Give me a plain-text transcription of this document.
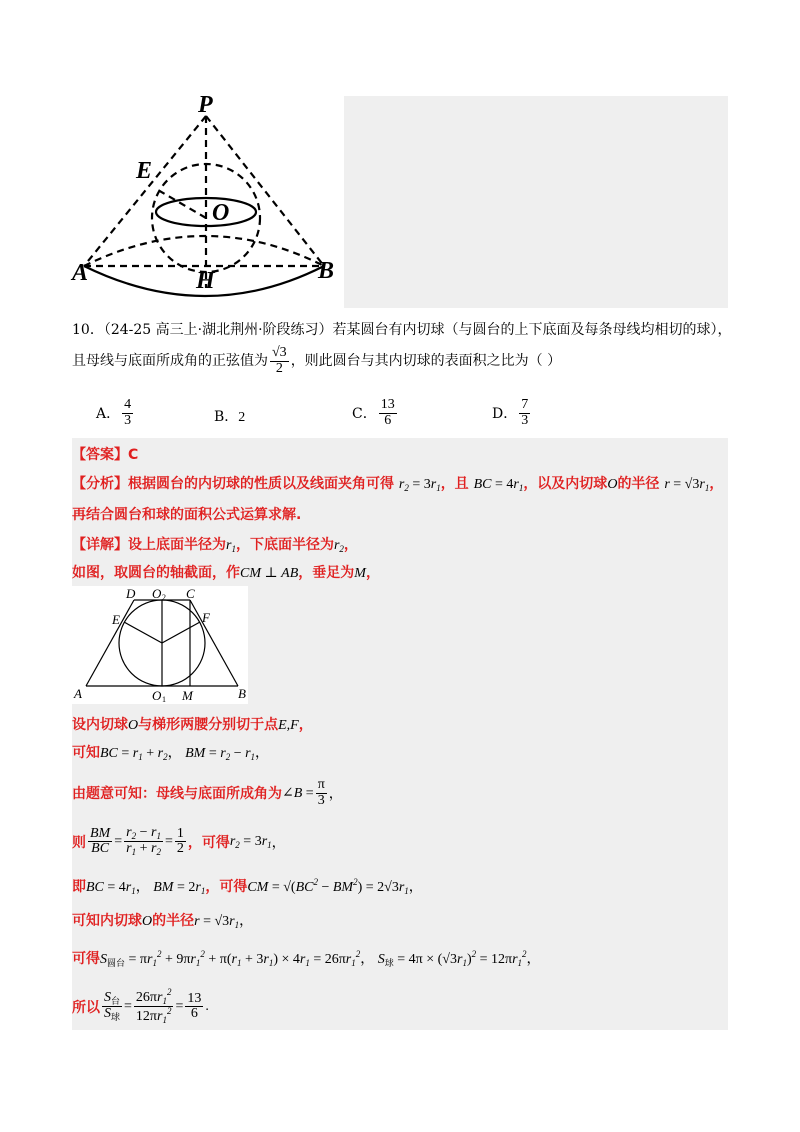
P
E
O
A	H	B
10．（24-25 高三上·湖北荆州·阶段练习）若某圆台有内切球（与圆台的上下底面及每条母线均相切的球），
且母线与底面所成角的正弦值为 $\frac{√3}{2}$ ，则此圆台与其内切球的表面积之比为（ ）
A． $\frac{4}{3}$	B．2	C． $\frac{13}{6}$	D． $\frac{7}{3}$
【答案】C
【分析】根据圆台的内切球的性质以及线面夹角可得 $r_2 = 3r_1$，且 BC = $4r_1$，以及内切球O的半径 $r = √3r_1$，
再结合圆台和球的面积公式运算求解.
【详解】设上底面半径为$r_1$，下底面半径为$r_2$，
如图，取圆台的轴截面，作CM ⊥ AB，垂足为M，
D O 2 C
E	F
A	O 1 M	B
设内切球O与梯形两腰分别切于点E,F，
可知BC = $r_1 + r_2$， BM = $r_2 - r_1$，
由题意可知：母线与底面所成角为 ∠B = $\frac{\pi}{3}$ ，
则 $\frac{BM}{BC} = \frac{r_2 - r_1}{r_1 + r_2} = \frac{1}{2}$ ，可得 $r_2 = 3r_1$ ，
即BC = $4r_1$， BM = $2r_1$，可得CM = $√(BC^2 - BM^2) = 2√3r_1$，
可知内切球O的半径$r = √3r_1$，
可得$S_{圆台} = \pi r_1^2 + 9\pi r_1^2 + \pi(r_1 + 3r_1) \times 4r_1 = 26\pi r_1^2$， $S_球 = 4\pi \times (√3r_1)^2 = 12\pi r_1^2$，
所以 $\frac{S_台}{S_球} = \frac{26\pi r_1^2}{12\pi r_1^2} = \frac{13}{6}$ .
